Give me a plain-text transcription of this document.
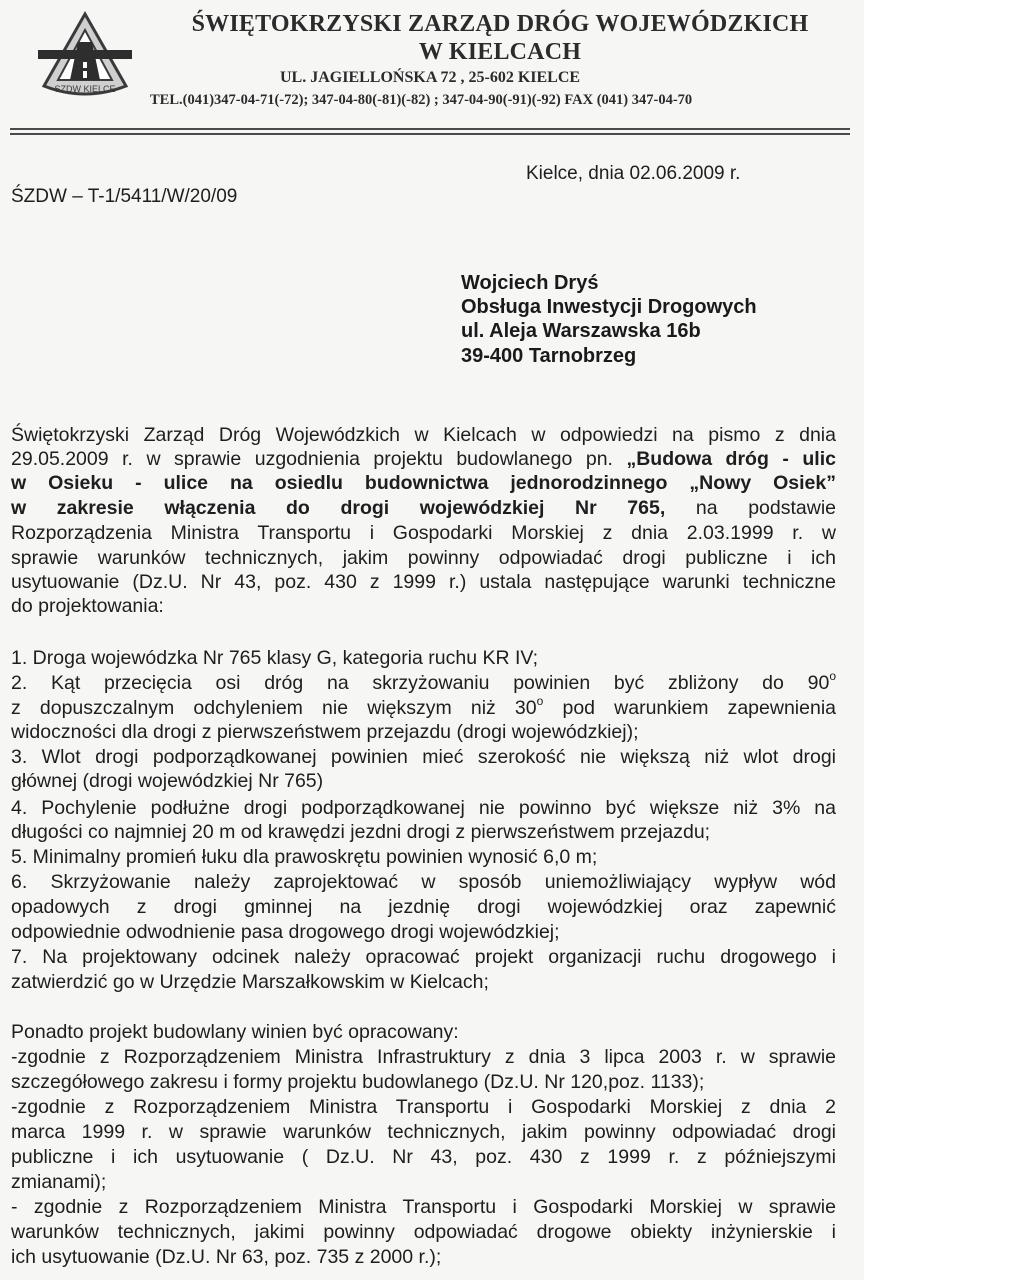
SZDW KIELCE
ŚWIĘTOKRZYSKI ZARZĄD DRÓG WOJEWÓDZKICH
W KIELCACH
UL. JAGIELLOŃSKA 72 , 25-602 KIELCE
TEL.(041)347-04-71(-72); 347-04-80(-81)(-82) ; 347-04-90(-91)(-92) FAX (041) 347-04-70
Kielce, dnia 02.06.2009 r.
ŚZDW – T-1/5411/W/20/09
Wojciech Dryś
Obsługa Inwestycji Drogowych
ul. Aleja Warszawska 16b
39-400 Tarnobrzeg
Świętokrzyski Zarząd Dróg Wojewódzkich w Kielcach w odpowiedzi na pismo z dnia
29.05.2009 r. w sprawie uzgodnienia projektu budowlanego pn. „Budowa dróg - ulic
w Osieku - ulice na osiedlu budownictwa jednorodzinnego „Nowy Osiek”
w zakresie włączenia do drogi wojewódzkiej Nr 765, na podstawie
Rozporządzenia Ministra Transportu i Gospodarki Morskiej z dnia 2.03.1999 r. w
sprawie warunków technicznych, jakim powinny odpowiadać drogi publiczne i ich
usytuowanie (Dz.U. Nr 43, poz. 430 z 1999 r.) ustala następujące warunki techniczne
do projektowania:
1. Droga wojewódzka Nr 765 klasy G, kategoria ruchu KR IV;
2. Kąt przecięcia osi dróg na skrzyżowaniu powinien być zbliżony do 90$^o$
z dopuszczalnym odchyleniem nie większym niż 30$^o$ pod warunkiem zapewnienia
widoczności dla drogi z pierwszeństwem przejazdu (drogi wojewódzkiej);
3. Wlot drogi podporządkowanej powinien mieć szerokość nie większą niż wlot drogi
głównej (drogi wojewódzkiej Nr 765)
4. Pochylenie podłużne drogi podporządkowanej nie powinno być większe niż 3% na
długości co najmniej 20 m od krawędzi jezdni drogi z pierwszeństwem przejazdu;
5. Minimalny promień łuku dla prawoskrętu powinien wynosić 6,0 m;
6. Skrzyżowanie należy zaprojektować w sposób uniemożliwiający wypływ wód
opadowych z drogi gminnej na jezdnię drogi wojewódzkiej oraz zapewnić
odpowiednie odwodnienie pasa drogowego drogi wojewódzkiej;
7. Na projektowany odcinek należy opracować projekt organizacji ruchu drogowego i
zatwierdzić go w Urzędzie Marszałkowskim w Kielcach;
Ponadto projekt budowlany winien być opracowany:
-zgodnie z Rozporządzeniem Ministra Infrastruktury z dnia 3 lipca 2003 r. w sprawie
szczegółowego zakresu i formy projektu budowlanego (Dz.U. Nr 120,poz. 1133);
-zgodnie z Rozporządzeniem Ministra Transportu i Gospodarki Morskiej z dnia 2
marca 1999 r. w sprawie warunków technicznych, jakim powinny odpowiadać drogi
publiczne i ich usytuowanie ( Dz.U. Nr 43, poz. 430 z 1999 r. z późniejszymi
zmianami);
- zgodnie z Rozporządzeniem Ministra Transportu i Gospodarki Morskiej w sprawie
warunków technicznych, jakimi powinny odpowiadać drogowe obiekty inżynierskie i
ich usytuowanie (Dz.U. Nr 63, poz. 735 z 2000 r.);
